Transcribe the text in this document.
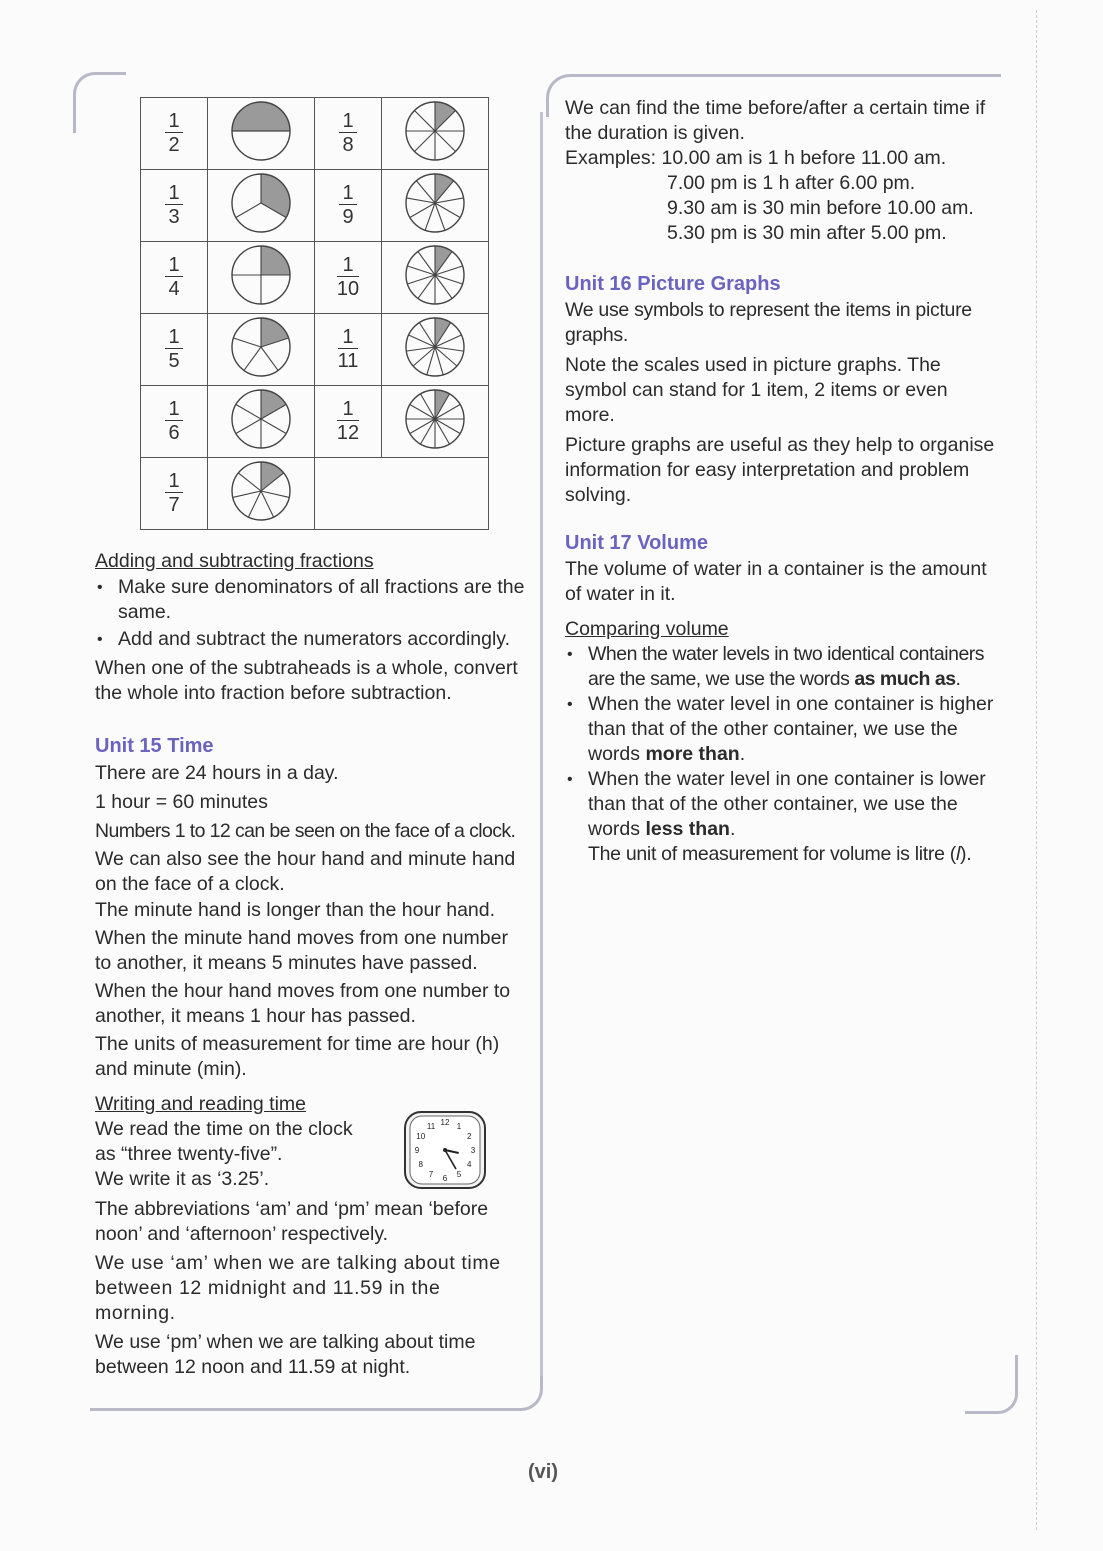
$\frac{1}{2}$		$\frac{1}{8}$

$\frac{1}{3}$		$\frac{1}{9}$

$\frac{1}{4}$		$\frac{1}{10}$

$\frac{1}{5}$		$\frac{1}{11}$

$\frac{1}{6}$		$\frac{1}{12}$

$\frac{1}{7}$

Adding and subtracting fractions

• Make sure denominators of all fractions are the same.

• Add and subtract the numerators accordingly.

When one of the subtraheads is a whole, convert the whole into fraction before subtraction.

Unit 15 Time

There are 24 hours in a day.

1 hour = 60 minutes

Numbers 1 to 12 can be seen on the face of a clock.

We can also see the hour hand and minute hand on the face of a clock.

The minute hand is longer than the hour hand.

When the minute hand moves from one number to another, it means 5 minutes have passed.

When the hour hand moves from one number to another, it means 1 hour has passed.

The units of measurement for time are hour (h) and minute (min).

Writing and reading time

We read the time on the clock

as “three twenty-five”.

We write it as ‘3.25’.

The abbreviations ‘am’ and ‘pm’ mean ‘before noon’ and ‘afternoon’ respectively.

We use ‘am’ when we are talking about time between 12 midnight and 11.59 in the morning.

We use ‘pm’ when we are talking about time between 12 noon and 11.59 at night.

12 1
2
3
4
5
6
7
8
9
10
11

We can find the time before/after a certain time if the duration is given.

Examples: 10.00 am is 1 h before 11.00 am.

7.00 pm is 1 h after 6.00 pm.

9.30 am is 30 min before 10.00 am.

5.30 pm is 30 min after 5.00 pm.

Unit 16 Picture Graphs

We use symbols to represent the items in picture graphs.

Note the scales used in picture graphs. The symbol can stand for 1 item, 2 items or even more.

Picture graphs are useful as they help to organise information for easy interpretation and problem solving.

Unit 17 Volume

The volume of water in a container is the amount of water in it.

Comparing volume

• When the water levels in two identical containers are the same, we use the words as much as.

• When the water level in one container is higher than that of the other container, we use the words more than.

• When the water level in one container is lower than that of the other container, we use the words less than.

The unit of measurement for volume is litre (l).

(vi)
